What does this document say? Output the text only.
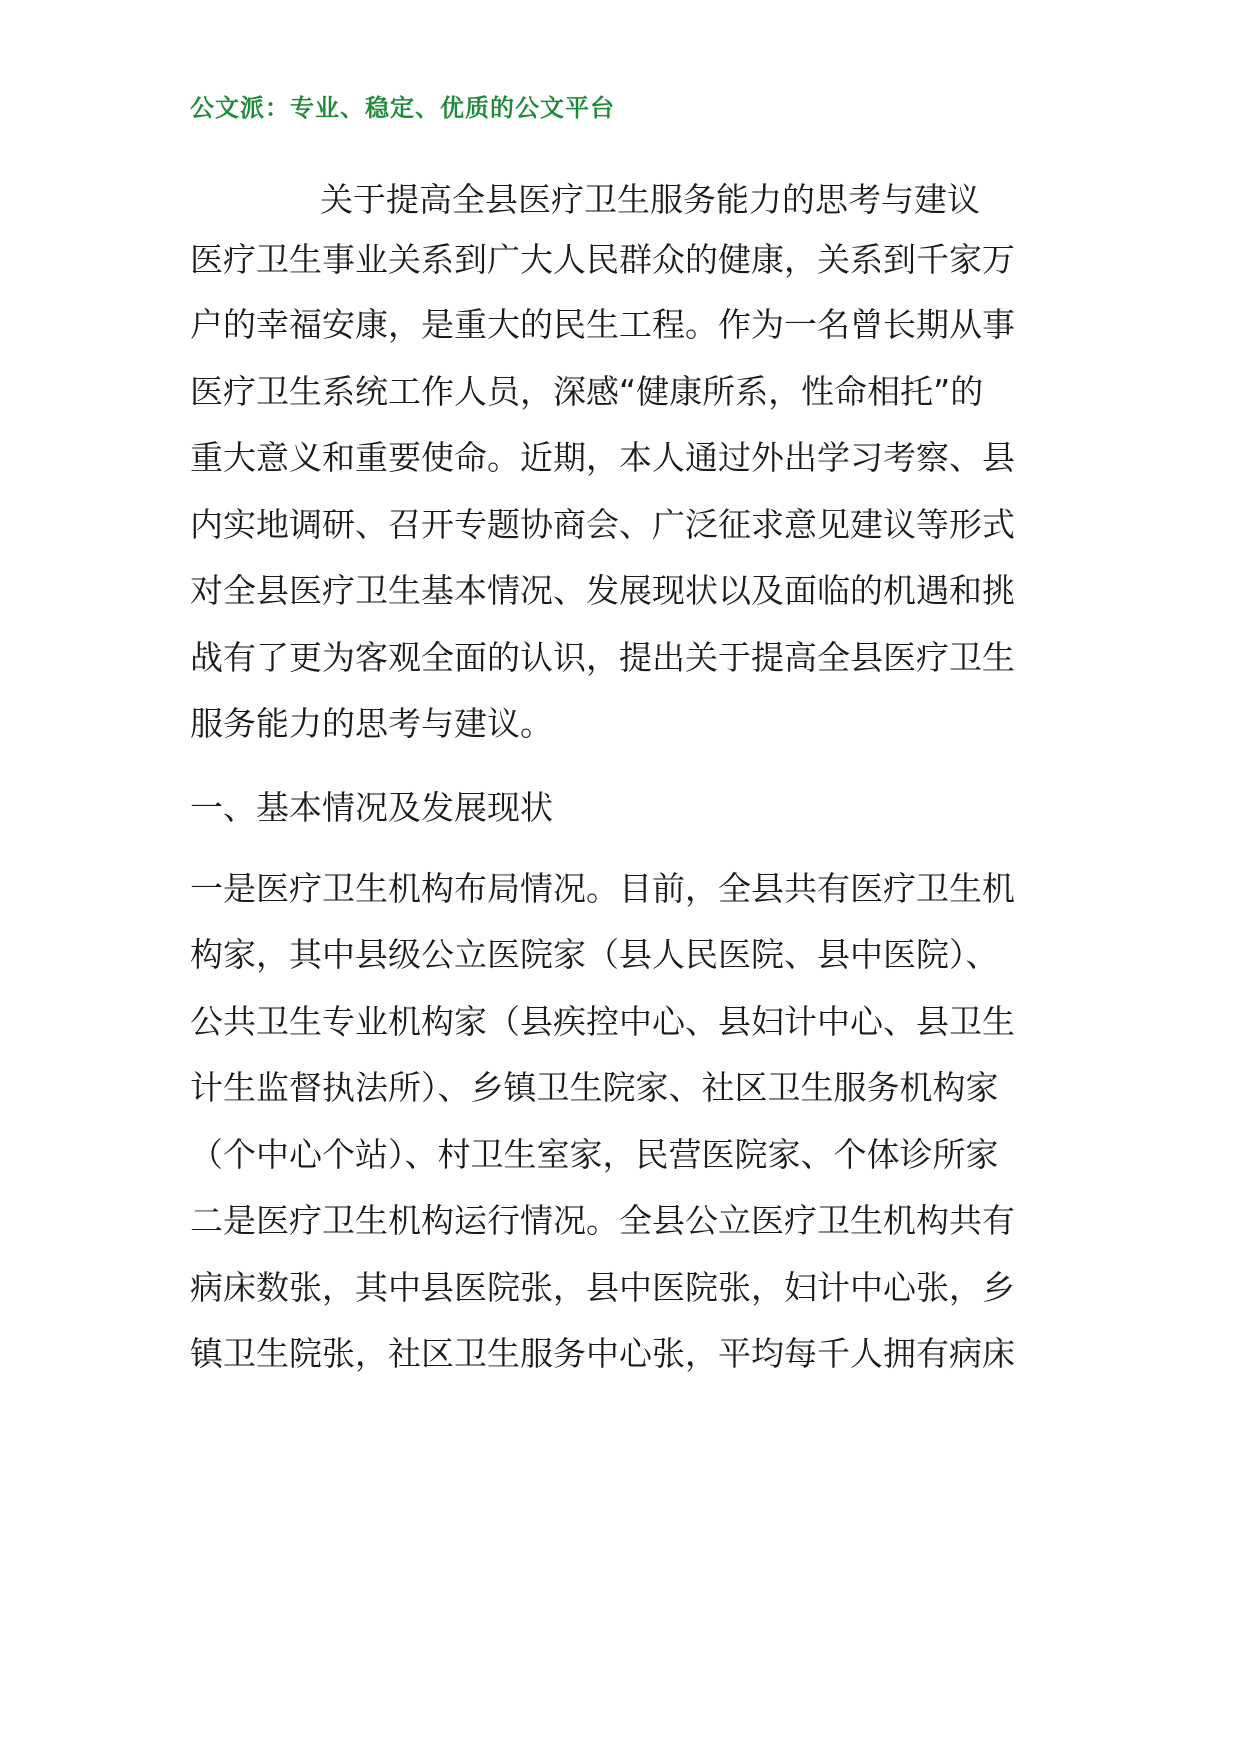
公文派：专业、稳定、优质的公文平台
关于提高全县医疗卫生服务能力的思考与建议
医疗卫生事业关系到广大人民群众的健康，关系到千家万
户的幸福安康，是重大的民生工程。作为一名曾长期从事
医疗卫生系统工作人员，深感“健康所系，性命相托”的
重大意义和重要使命。近期，本人通过外出学习考察、县
内实地调研、召开专题协商会、广泛征求意见建议等形式
对全县医疗卫生基本情况、发展现状以及面临的机遇和挑
战有了更为客观全面的认识，提出关于提高全县医疗卫生
服务能力的思考与建议。
一、基本情况及发展现状
一是医疗卫生机构布局情况。目前，全县共有医疗卫生机
构家，其中县级公立医院家（县人民医院、县中医院）、
公共卫生专业机构家（县疾控中心、县妇计中心、县卫生
计生监督执法所）、乡镇卫生院家、社区卫生服务机构家
（个中心个站）、村卫生室家，民营医院家、个体诊所家
二是医疗卫生机构运行情况。全县公立医疗卫生机构共有
病床数张，其中县医院张，县中医院张，妇计中心张，乡
镇卫生院张，社区卫生服务中心张，平均每千人拥有病床
